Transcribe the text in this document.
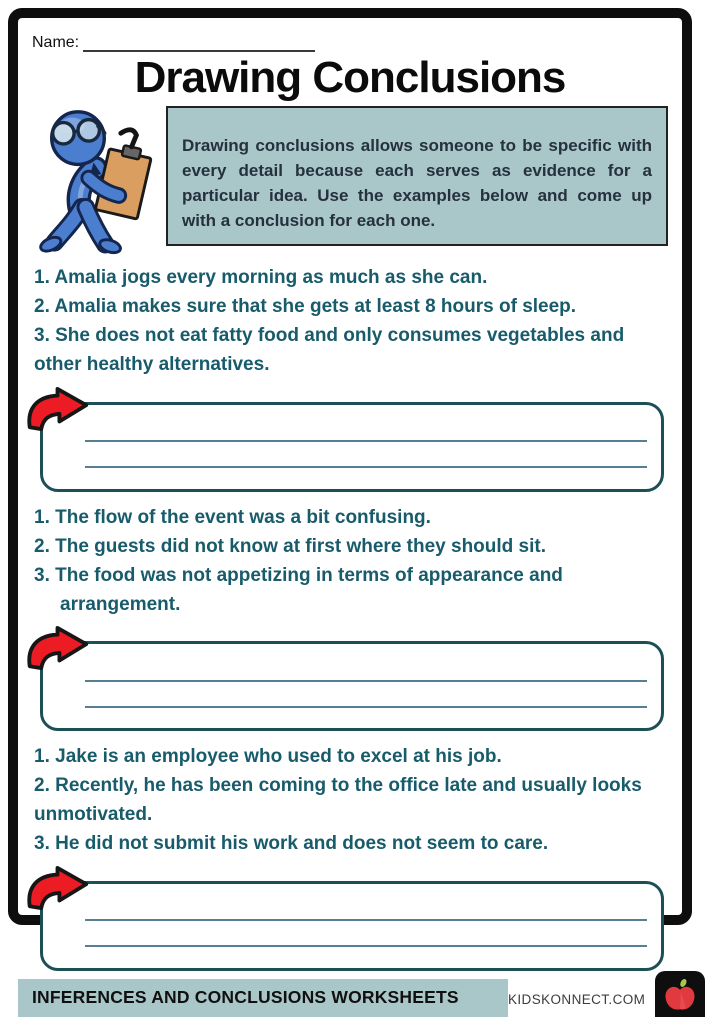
Name:
Drawing Conclusions

Drawing conclusions allows someone to be specific with every detail because each serves as evidence for a particular idea. Use the examples below and come up with a conclusion for each one.

1. Amalia jogs every morning as much as she can.
2. Amalia makes sure that she gets at least 8 hours of sleep.
3. She does not eat fatty food and only consumes vegetables and other healthy alternatives.
1. The flow of the event was a bit confusing.
2. The guests did not know at first where they should sit.
3. The food was not appetizing in terms of appearance and arrangement.
1. Jake is an employee who used to excel at his job.
2. Recently, he has been coming to the office late and usually looks unmotivated.
3. He did not submit his work and does not seem to care.
INFERENCES AND CONCLUSIONS WORKSHEETS	KIDSKONNECT.COM
